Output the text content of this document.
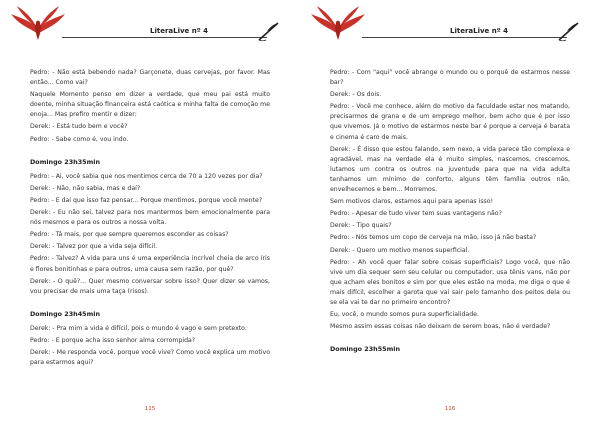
LiteraLive nº 4

Pedro: - Não está bebendo nada? Garçonete, duas cervejas, por favor. Mas então... Como vai?

Naquele Momento penso em dizer a verdade, que meu pai está muito doente, minha situação financeira está caótica e minha falta de comoção me enoja... Mas prefiro mentir e dizer:

Derek: - Está tudo bem e você?

Pedro: - Sabe como é, vou indo.

Domingo 23h35min

Pedro: - Ai, você sabia que nos mentimos cerca de 70 a 120 vezes por dia?

Derek: - Não, não sabia, mas e daí?

Pedro: - E daí que isso faz pensar... Porque mentimos, porque você mente?

Derek: - Eu não sei, talvez para nos mantermos bem emocionalmente para nós mesmos e para os outros a nossa volta.

Pedro: - Tá mais, por que sempre queremos esconder as coisas?

Derek: - Talvez por que a vida seja difícil.

Pedro: - Talvez? A vida para uns é uma experiência incrível cheia de arco íris e flores bonitinhas e para outros, uma causa sem razão, por quê?

Derek: - O quê?... Quer mesmo conversar sobre isso? Quer dizer se vamos, vou precisar de mais uma taça (risos).

Domingo 23h45min

Derek: - Pra mim a vida é difícil, pois o mundo é vago e sem pretexto.

Pedro: - E porque acha isso senhor alma corrompida?

Derek: - Me responda você, porque você vive? Como você explica um motivo para estarmos aqui?

115
LiteraLive nº 4

Pedro: - Com "aqui" você abrange o mundo ou o porquê de estarmos nesse bar?

Derek: - Os dois.

Pedro: - Você me conhece, além do motivo da faculdade estar nos matando, precisarmos de grana e de um emprego melhor, bem acho que é por isso que vivemos. Já o motivo de estarmos neste bar é porque a cerveja é barata e cinema é caro de mais.

Derek: - É disso que estou falando, sem nexo, a vida parece tão complexa e agradável, mas na verdade ela é muito simples, nascemos, crescemos, lutamos um contra os outros na juventude para que na vida adulta tenhamos um mínimo de conforto, alguns têm família outros não, envelhecemos e bem... Morremos.

Sem motivos claros, estamos aqui para apenas isso!

Pedro: - Apesar de tudo viver tem suas vantagens não?

Derek: - Tipo quais?

Pedro: - Nós temos um copo de cerveja na mão, isso já não basta?

Derek: - Quero um motivo menos superficial.

Pedro: - Ah você quer falar sobre coisas superficiais? Logo você, que não vive um dia sequer sem seu celular ou computador, usa tênis vans, não por que acham eles bonitos e sim por que eles estão na moda, me diga o que é mais difícil, escolher a garota que vai sair pelo tamanho dos peitos dela ou se ela vai te dar no primeiro encontro?

Eu, você, o mundo somos pura superficialidade.

Mesmo assim essas coisas não deixam de serem boas, não é verdade?

Domingo 23h55min
116
